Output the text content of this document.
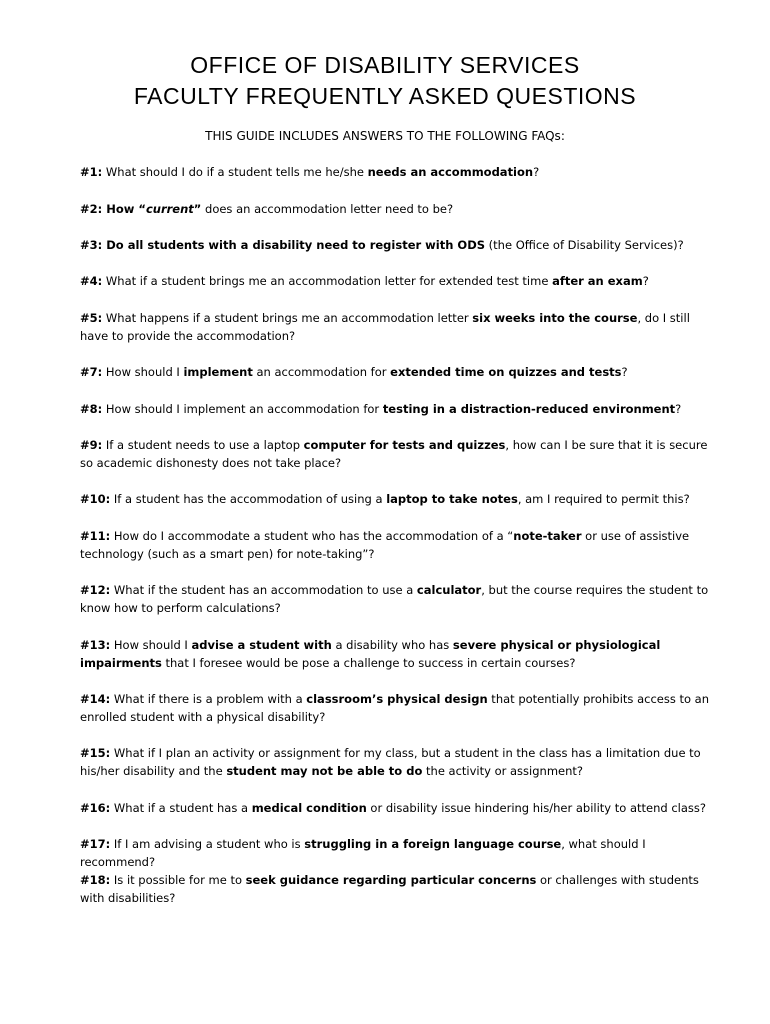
OFFICE OF DISABILITY SERVICES
FACULTY FREQUENTLY ASKED QUESTIONS
THIS GUIDE INCLUDES ANSWERS TO THE FOLLOWING FAQs:
#1: What should I do if a student tells me he/she needs an accommodation?
#2: How “current” does an accommodation letter need to be?
#3: Do all students with a disability need to register with ODS (the Office of Disability Services)?
#4: What if a student brings me an accommodation letter for extended test time after an exam?
#5: What happens if a student brings me an accommodation letter six weeks into the course, do I still have to provide the accommodation?
#7: How should I implement an accommodation for extended time on quizzes and tests?
#8: How should I implement an accommodation for testing in a distraction-reduced environment?
#9: If a student needs to use a laptop computer for tests and quizzes, how can I be sure that it is secure so academic dishonesty does not take place?
#10: If a student has the accommodation of using a laptop to take notes, am I required to permit this?
#11: How do I accommodate a student who has the accommodation of a “note-taker or use of assistive technology (such as a smart pen) for note-taking”?
#12: What if the student has an accommodation to use a calculator, but the course requires the student to know how to perform calculations?
#13: How should I advise a student with a disability who has severe physical or physiological impairments that I foresee would be pose a challenge to success in certain courses?
#14: What if there is a problem with a classroom’s physical design that potentially prohibits access to an enrolled student with a physical disability?
#15: What if I plan an activity or assignment for my class, but a student in the class has a limitation due to his/her disability and the student may not be able to do the activity or assignment?
#16: What if a student has a medical condition or disability issue hindering his/her ability to attend class?
#17: If I am advising a student who is struggling in a foreign language course, what should I recommend?
#18: Is it possible for me to seek guidance regarding particular concerns or challenges with students with disabilities?
